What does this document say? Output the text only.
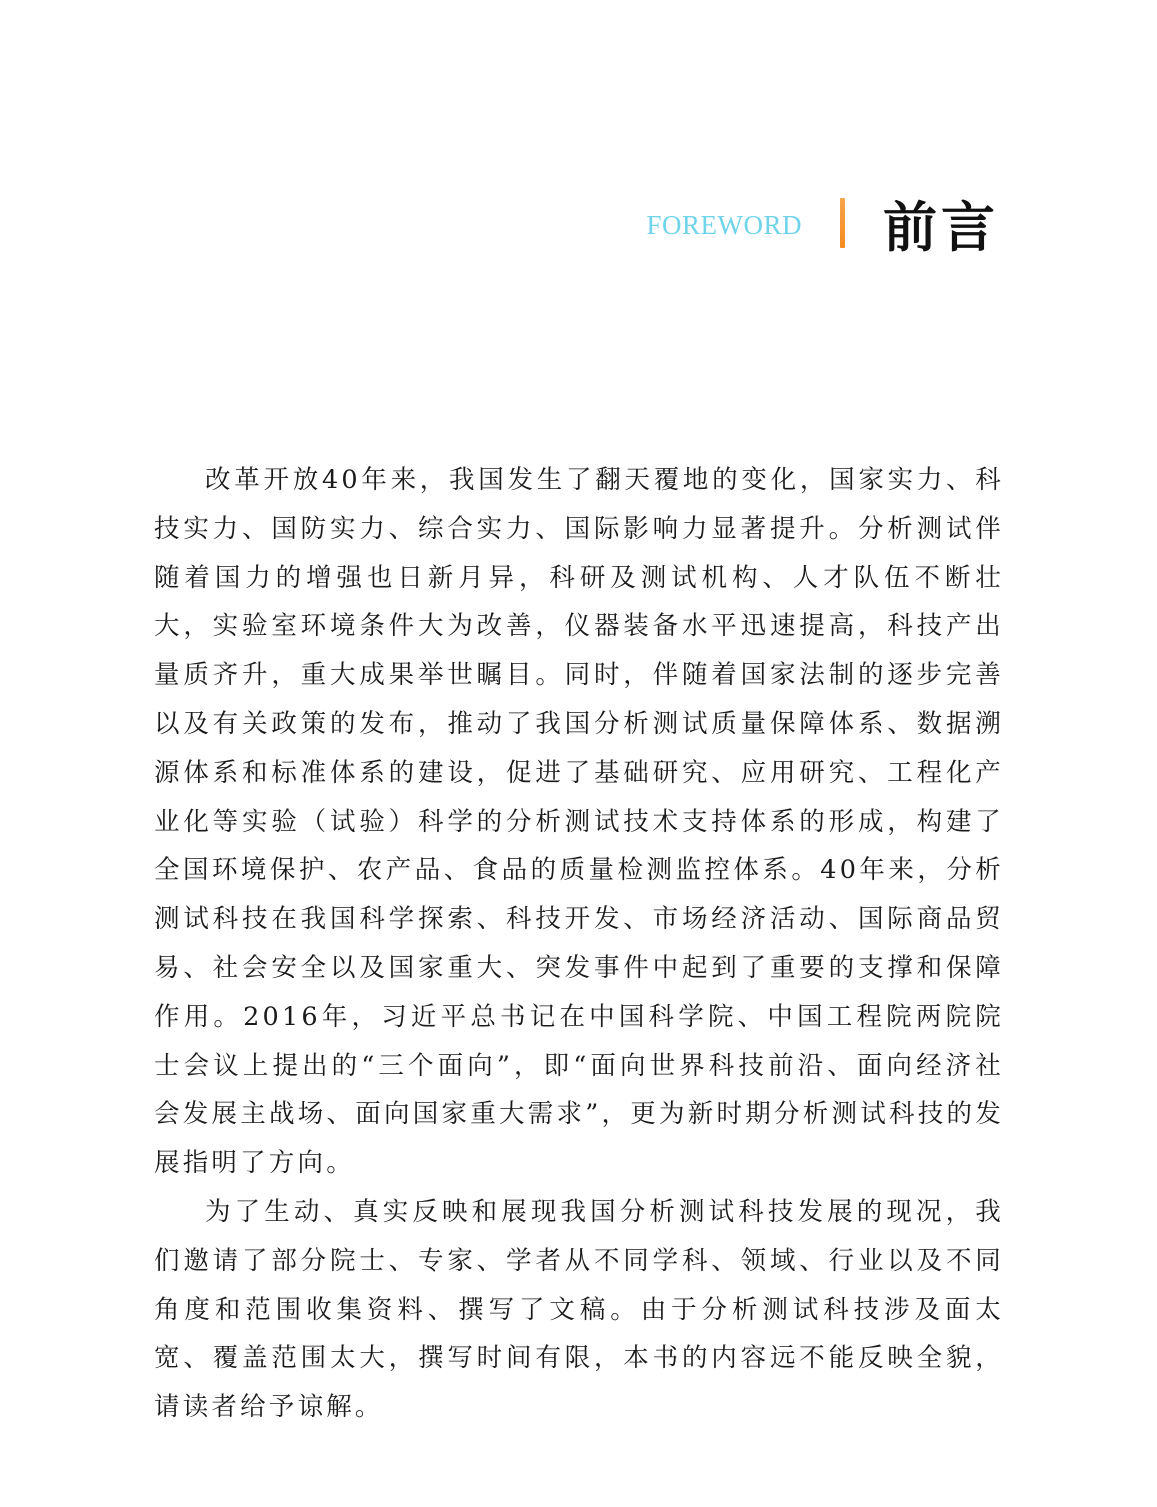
FOREWORD 前言

改革开放40年来，我国发生了翻天覆地的变化，国家实力、科技实力、国防实力、综合实力、国际影响力显著提升。分析测试伴随着国力的增强也日新月异，科研及测试机构、人才队伍不断壮大，实验室环境条件大为改善，仪器装备水平迅速提高，科技产出量质齐升，重大成果举世瞩目。同时，伴随着国家法制的逐步完善以及有关政策的发布，推动了我国分析测试质量保障体系、数据溯源体系和标准体系的建设，促进了基础研究、应用研究、工程化产业化等实验（试验）科学的分析测试技术支持体系的形成，构建了全国环境保护、农产品、食品的质量检测监控体系。40年来，分析测试科技在我国科学探索、科技开发、市场经济活动、国际商品贸易、社会安全以及国家重大、突发事件中起到了重要的支撑和保障作用。2016年，习近平总书记在中国科学院、中国工程院两院院士会议上提出的“三个面向”，即“面向世界科技前沿、面向经济社会发展主战场、面向国家重大需求”，更为新时期分析测试科技的发展指明了方向。

为了生动、真实反映和展现我国分析测试科技发展的现况，我们邀请了部分院士、专家、学者从不同学科、领域、行业以及不同角度和范围收集资料、撰写了文稿。由于分析测试科技涉及面太宽、覆盖范围太大，撰写时间有限，本书的内容远不能反映全貌，请读者给予谅解。
